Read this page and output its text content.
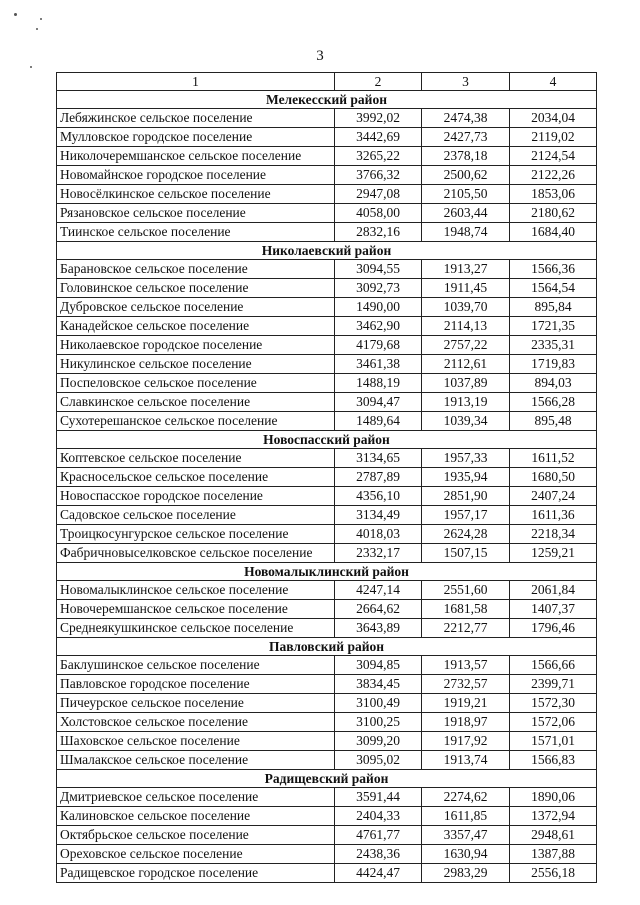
3
1	2	3	4
Мелекесский район			
Лебяжинское сельское поселение	3992,02	2474,38	2034,04
Мулловское городское поселение	3442,69	2427,73	2119,02
Николочеремшанское сельское поселение	3265,22	2378,18	2124,54
Новомайнское городское поселение	3766,32	2500,62	2122,26
Новосёлкинское сельское поселение	2947,08	2105,50	1853,06
Рязановское сельское поселение	4058,00	2603,44	2180,62
Тиинское сельское поселение	2832,16	1948,74	1684,40
Николаевский район			
Барановское сельское поселение	3094,55	1913,27	1566,36
Головинское сельское поселение	3092,73	1911,45	1564,54
Дубровское сельское поселение	1490,00	1039,70	895,84
Канадейское сельское поселение	3462,90	2114,13	1721,35
Николаевское городское поселение	4179,68	2757,22	2335,31
Никулинское сельское поселение	3461,38	2112,61	1719,83
Поспеловское сельское поселение	1488,19	1037,89	894,03
Славкинское сельское поселение	3094,47	1913,19	1566,28
Сухотерешанское сельское поселение	1489,64	1039,34	895,48
Новоспасский район			
Коптевское сельское поселение	3134,65	1957,33	1611,52
Красносельское сельское поселение	2787,89	1935,94	1680,50
Новоспасское городское поселение	4356,10	2851,90	2407,24
Садовское сельское поселение	3134,49	1957,17	1611,36
Троицкосунгурское сельское поселение	4018,03	2624,28	2218,34
Фабричновыселковское сельское поселение	2332,17	1507,15	1259,21
Новомалыклинский район			
Новомалыклинское сельское поселение	4247,14	2551,60	2061,84
Новочеремшанское сельское поселение	2664,62	1681,58	1407,37
Среднеякушкинское сельское поселение	3643,89	2212,77	1796,46
Павловский район			
Баклушинское сельское поселение	3094,85	1913,57	1566,66
Павловское городское поселение	3834,45	2732,57	2399,71
Пичеурское сельское поселение	3100,49	1919,21	1572,30
Холстовское сельское поселение	3100,25	1918,97	1572,06
Шаховское сельское поселение	3099,20	1917,92	1571,01
Шмалакское сельское поселение	3095,02	1913,74	1566,83
Радищевский район			
Дмитриевское сельское поселение	3591,44	2274,62	1890,06
Калиновское сельское поселение	2404,33	1611,85	1372,94
Октябрьское сельское поселение	4761,77	3357,47	2948,61
Ореховское сельское поселение	2438,36	1630,94	1387,88
Радищевское городское поселение	4424,47	2983,29	2556,18
